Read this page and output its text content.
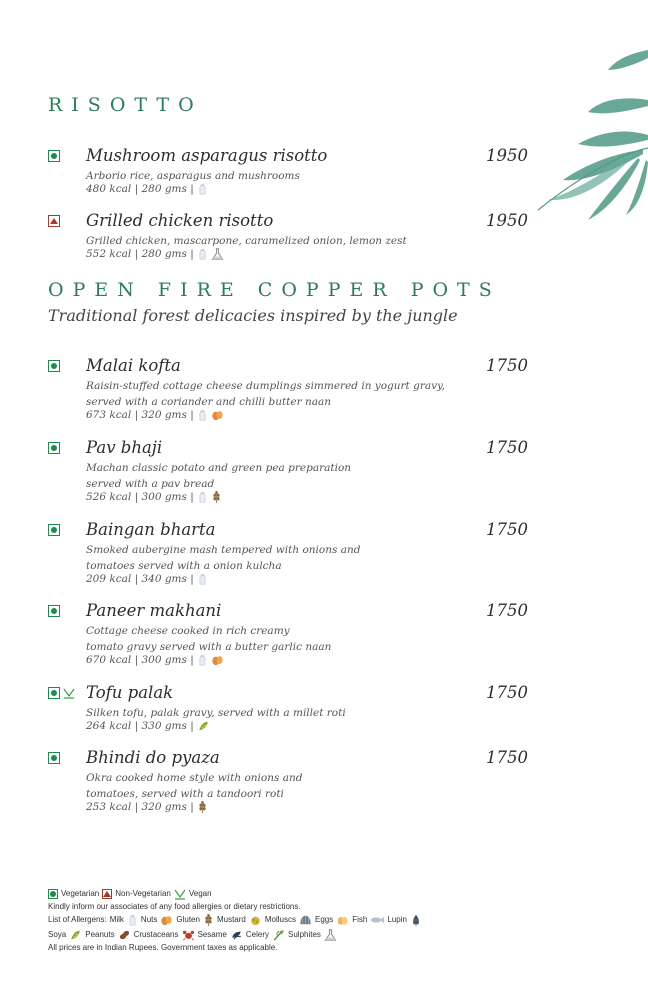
RISOTTO
Mushroom asparagus risotto	1950
Arborio rice, asparagus and mushrooms
480 kcal | 280 gms |
Grilled chicken risotto	1950
Grilled chicken, mascarpone, caramelized onion, lemon zest
552 kcal | 280 gms |
OPEN FIRE COPPER POTS
Traditional forest delicacies inspired by the jungle
Malai kofta	1750
Raisin-stuffed cottage cheese dumplings simmered in yogurt gravy,
served with a coriander and chilli butter naan
673 kcal | 320 gms |
Pav bhaji	1750
Machan classic potato and green pea preparation
served with a pav bread
526 kcal | 300 gms |
Baingan bharta	1750
Smoked aubergine mash tempered with onions and
tomatoes served with a onion kulcha
209 kcal | 340 gms |
Paneer makhani	1750
Cottage cheese cooked in rich creamy
tomato gravy served with a butter garlic naan
670 kcal | 300 gms |
Tofu palak	1750
Silken tofu, palak gravy, served with a millet roti
264 kcal | 330 gms |
Bhindi do pyaza	1750
Okra cooked home style with onions and
tomatoes, served with a tandoori roti
253 kcal | 320 gms |
Vegetarian Non-Vegetarian Vegan
Kindly inform our associates of any food allergies or dietary restrictions.
List of Allergens: Milk Nuts Gluten Mustard Molluscs Eggs Fish	Lupin
Soya Peanuts Crustaceans Sesame Celery Sulphites
All prices are in Indian Rupees. Government taxes as applicable.
